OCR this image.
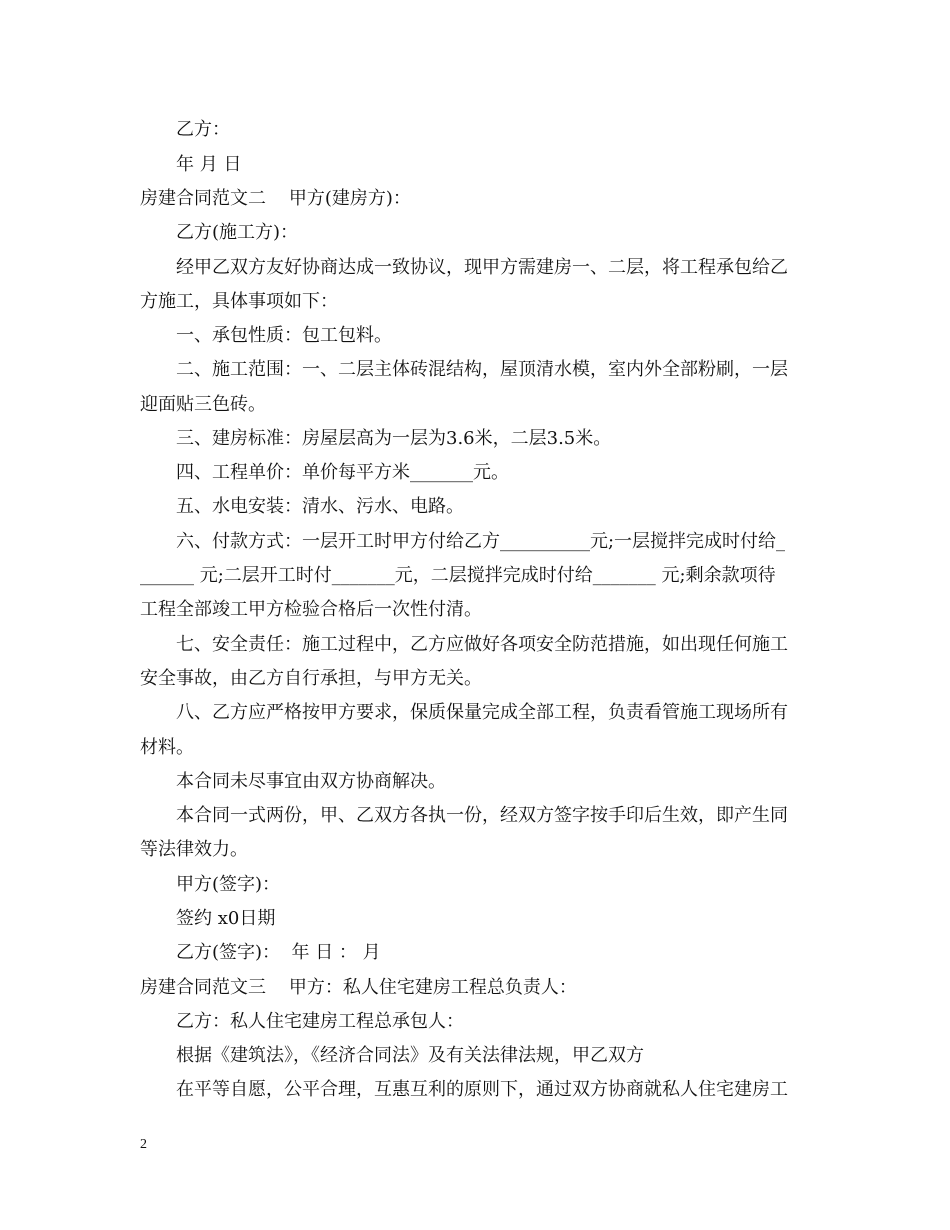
乙方：
年 月 日
房建合同范文二    甲方(建房方)：
乙方(施工方)：
经甲乙双方友好协商达成一致协议，现甲方需建房一、二层，将工程承包给乙
方施工，具体事项如下：
一、承包性质：包工包料。
二、施工范围：一、二层主体砖混结构，屋顶清水模，室内外全部粉刷，一层
迎面贴三色砖。
三、建房标准：房屋层高为一层为3.6米，二层3.5米。
四、工程单价：单价每平方米_______元。
五、水电安装：清水、污水、电路。
六、付款方式：一层开工时甲方付给乙方__________元;一层搅拌完成时付给_
______ 元;二层开工时付_______元，二层搅拌完成时付给_______ 元;剩余款项待
工程全部竣工甲方检验合格后一次性付清。
七、安全责任：施工过程中，乙方应做好各项安全防范措施，如出现任何施工
安全事故，由乙方自行承担，与甲方无关。
八、乙方应严格按甲方要求，保质保量完成全部工程，负责看管施工现场所有
材料。
本合同未尽事宜由双方协商解决。
本合同一式两份，甲、乙双方各执一份，经双方签字按手印后生效，即产生同
等法律效力。
甲方(签字)：
签约 x0日期
乙方(签字)：  年 日 ： 月
房建合同范文三    甲方：私人住宅建房工程总负责人：
乙方：私人住宅建房工程总承包人：
根据《建筑法》，《经济合同法》及有关法律法规，甲乙双方
在平等自愿，公平合理，互惠互利的原则下，通过双方协商就私人住宅建房工
2
